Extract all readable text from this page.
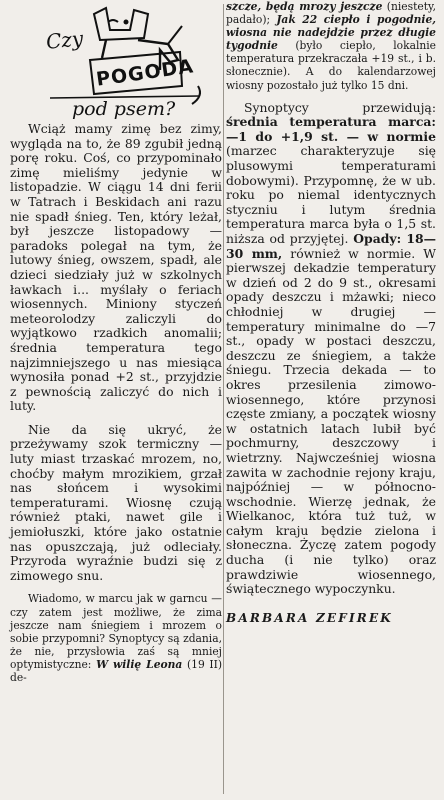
Czy
POGODA
pod psem?

Wciąż mamy zimę bez zimy, wygląda na to, że 89 zgubił jedną porę roku. Coś, co przypominało zimę mieliśmy jedynie w listopadzie. W ciągu 14 dni ferii w Tatrach i Beskidach ani razu nie spadł śnieg. Ten, który leżał, był jeszcze listopadowy — paradoks polegał na tym, że lutowy śnieg, owszem, spadł, ale dzieci siedziały już w szkolnych ławkach i... myślały o feriach wiosennych. Miniony styczeń meteorolodzy zaliczyli do wyjątkowo rzadkich anomalii; średnia temperatura tego najzimniejszego u nas miesiąca wynosiła ponad +2 st., przyjdzie z pewnością zaliczyć do nich i luty.

Nie da się ukryć, że przeżywamy szok termiczny — luty miast trzaskać mrozem, no, choćby małym mrozikiem, grzał nas słońcem i wysokimi temperaturami. Wiosnę czują również ptaki, nawet gile i jemiołuszki, które jako ostatnie nas opuszczają, już odleciały. Przyroda wyraźnie budzi się z zimowego snu.

Wiadomo, w marcu jak w garncu — czy zatem jest możliwe, że zima jeszcze nam śniegiem i mrozem o sobie przypomni? Synoptycy są zdania, że nie, przysłowia zaś są mniej optymistyczne: W wilię Leona (19 II) de-

szcze, będą mrozy jeszcze (niestety, padało); Jak 22 ciepło i pogodnie, wiosna nie nadejdzie przez długie tygodnie (było ciepło, lokalnie temperatura przekraczała +19 st., i b. słonecznie). A do kalendarzowej wiosny pozostało już tylko 15 dni.

Synoptycy przewidują: średnia temperatura marca: —1 do +1,9 st. — w normie (marzec charakteryzuje się plusowymi temperaturami dobowymi). Przypomnę, że w ub. roku po niemal identycznych styczniu i lutym średnia temperatura marca była o 1,5 st. niższa od przyjętej. Opady: 18—30 mm, również w normie. W pierwszej dekadzie temperatury w dzień od 2 do 9 st., okresami opady deszczu i mżawki; nieco chłodniej w drugiej — temperatury minimalne do —7 st., opady w postaci deszczu, deszczu ze śniegiem, a także śniegu. Trzecia dekada — to okres przesilenia zimowo-wiosennego, które przynosi częste zmiany, a początek wiosny w ostatnich latach lubił być pochmurny, deszczowy i wietrzny. Najwcześniej wiosna zawita w zachodnie rejony kraju, najpóźniej — w północno-wschodnie. Wierzę jednak, że Wielkanoc, która tuż tuż, w całym kraju będzie zielona i słoneczna. Życzę zatem pogody ducha (i nie tylko) oraz prawdziwie wiosennego, świątecznego wypoczynku.

BARBARA ZEFIREK
